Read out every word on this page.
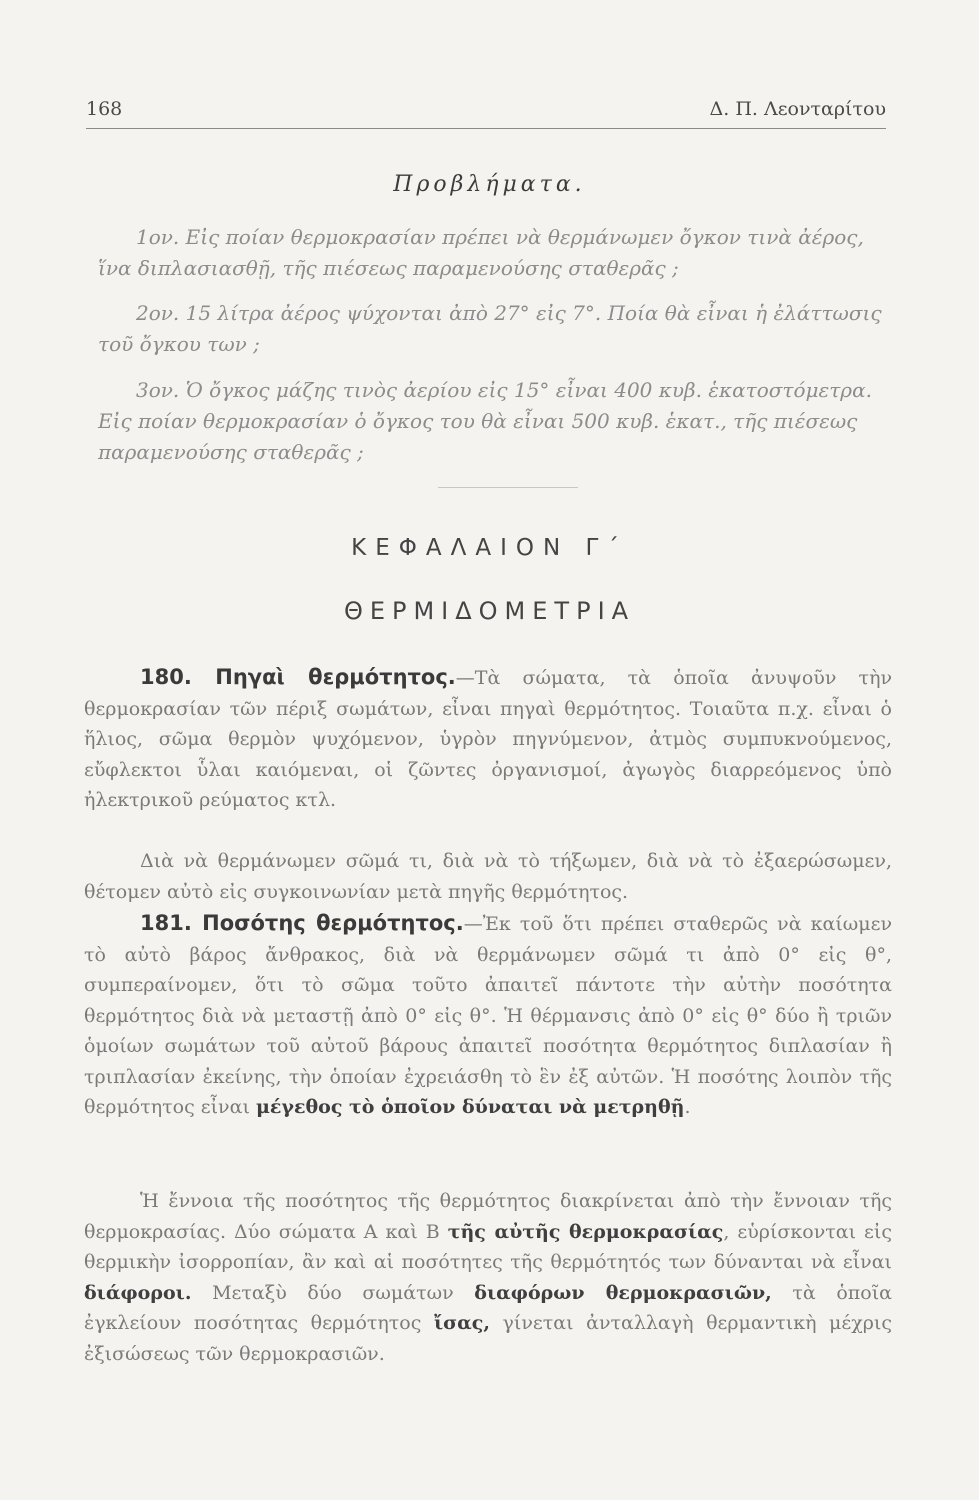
168	Δ. Π. Λεονταρίτου
Προβλήματα.
1ον. Εἰς ποίαν θερμοκρασίαν πρέπει νὰ θερμάνωμεν ὄγκον τινὰ ἀέρος, ἵνα διπλασιασθῇ, τῆς πιέσεως παραμενούσης σταθερᾶς ;
2ον. 15 λίτρα ἀέρος ψύχονται ἀπὸ 27° εἰς 7°. Ποία θὰ εἶναι ἡ ἐλάττωσις τοῦ ὄγκου των ;
3ον. Ὁ ὄγκος μάζης τινὸς ἀερίου εἰς 15° εἶναι 400 κυβ. ἑκατοστόμετρα. Εἰς ποίαν θερμοκρασίαν ὁ ὄγκος του θὰ εἶναι 500 κυβ. ἑκατ., τῆς πιέσεως παραμενούσης σταθερᾶς ;
ΚΕΦΑΛΑΙΟΝ Γ΄
ΘΕΡΜΙΔΟΜΕΤΡΙΑ
180. Πηγαὶ θερμότητος.—Τὰ σώματα, τὰ ὁποῖα ἀνυψοῦν τὴν θερμοκρασίαν τῶν πέριξ σωμάτων, εἶναι πηγαὶ θερμότητος. Τοιαῦτα π.χ. εἶναι ὁ ἥλιος, σῶμα θερμὸν ψυχόμενον, ὑγρὸν πηγνύμενον, ἀτμὸς συμπυκνούμενος, εὔφλεκτοι ὗλαι καιόμεναι, οἱ ζῶντες ὀργανισμοί, ἀγωγὸς διαρρεόμενος ὑπὸ ἠλεκτρικοῦ ρεύματος κτλ.
Διὰ νὰ θερμάνωμεν σῶμά τι, διὰ νὰ τὸ τήξωμεν, διὰ νὰ τὸ ἐξαερώσωμεν, θέτομεν αὐτὸ εἰς συγκοινωνίαν μετὰ πηγῆς θερμότητος.
181. Ποσότης θερμότητος.—Ἐκ τοῦ ὅτι πρέπει σταθερῶς νὰ καίωμεν τὸ αὐτὸ βάρος ἄνθρακος, διὰ νὰ θερμάνωμεν σῶμά τι ἀπὸ 0° εἰς θ°, συμπεραίνομεν, ὅτι τὸ σῶμα τοῦτο ἀπαιτεῖ πάντοτε τὴν αὐτὴν ποσότητα θερμότητος διὰ νὰ μεταστῇ ἀπὸ 0° εἰς θ°. Ἡ θέρμανσις ἀπὸ 0° εἰς θ° δύο ἢ τριῶν ὁμοίων σωμάτων τοῦ αὐτοῦ βάρους ἀπαιτεῖ ποσότητα θερμότητος διπλασίαν ἢ τριπλασίαν ἐκείνης, τὴν ὁποίαν ἐχρειάσθη τὸ ἓν ἐξ αὐτῶν. Ἡ ποσότης λοιπὸν τῆς θερμότητος εἶναι μέγεθος τὸ ὁποῖον δύναται νὰ μετρηθῇ.
Ἡ ἔννοια τῆς ποσότητος τῆς θερμότητος διακρίνεται ἀπὸ τὴν ἔννοιαν τῆς θερμοκρασίας. Δύο σώματα Α καὶ Β τῆς αὐτῆς θερμοκρασίας, εὑρίσκονται εἰς θερμικὴν ἰσορροπίαν, ἂν καὶ αἱ ποσότητες τῆς θερμότητός των δύνανται νὰ εἶναι διάφοροι. Μεταξὺ δύο σωμάτων διαφόρων θερμοκρασιῶν, τὰ ὁποῖα ἐγκλείουν ποσότητας θερμότητος ἴσας, γίνεται ἀνταλλαγὴ θερμαντικὴ μέχρις ἐξισώσεως τῶν θερμοκρασιῶν.
